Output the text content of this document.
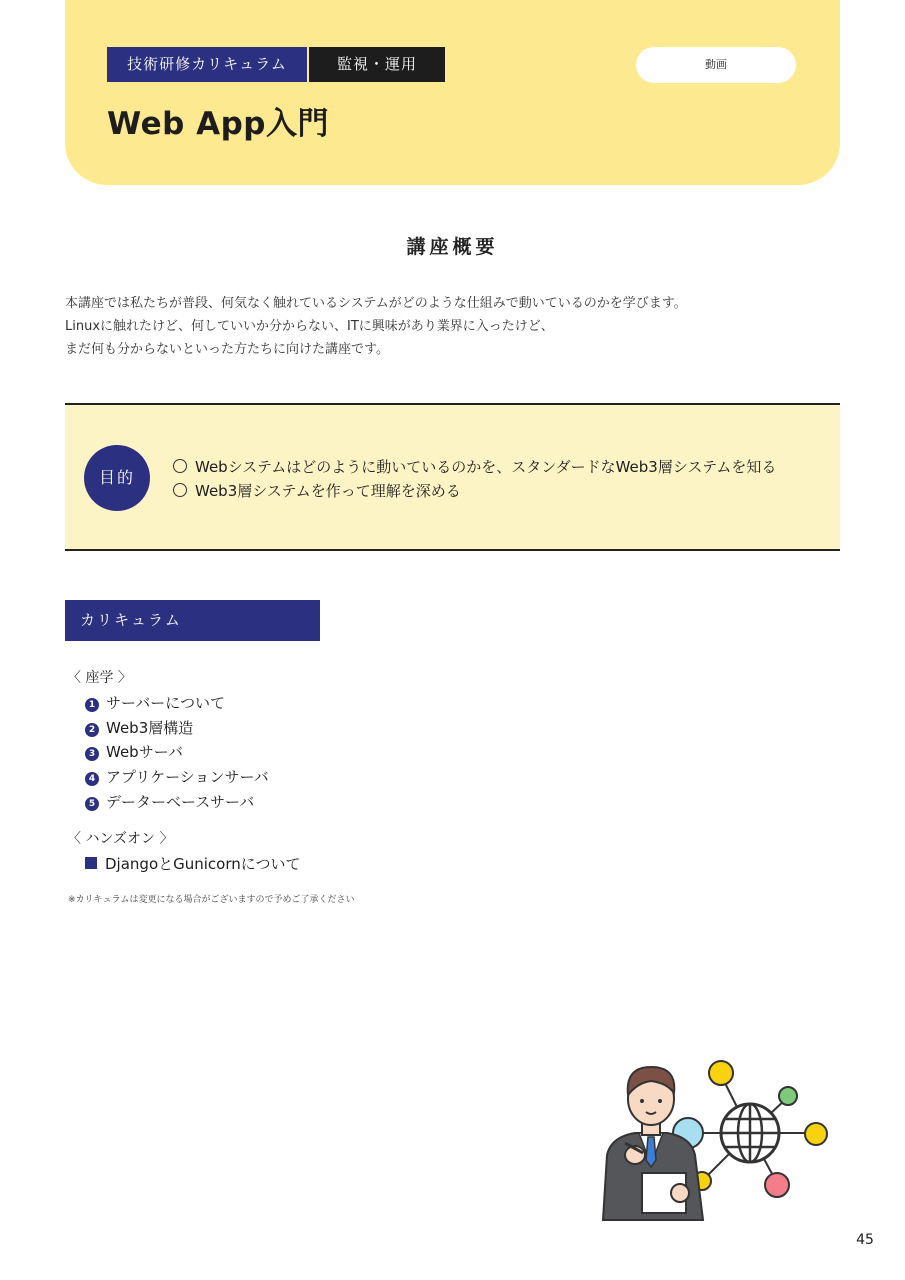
技術研修カリキュラム	監視・運用	動画
Web App入門
講座概要
本講座では私たちが普段、何気なく触れているシステムがどのような仕組みで動いているのかを学びます。
Linuxに触れたけど、何していいか分からない、ITに興味があり業界に入ったけど、
まだ何も分からないといった方たちに向けた講座です。
目的
Webシステムはどのように動いているのかを、スタンダードなWeb3層システムを知る
Web3層システムを作って理解を深める
カリキュラム
〈 座学 〉
1 サーバーについて
2 Web3層構造
3 Webサーバ
4 アプリケーションサーバ
5 データーベースサーバ
〈 ハンズオン 〉
DjangoとGunicornについて
※カリキュラムは変更になる場合がございますので予めご了承ください
45
